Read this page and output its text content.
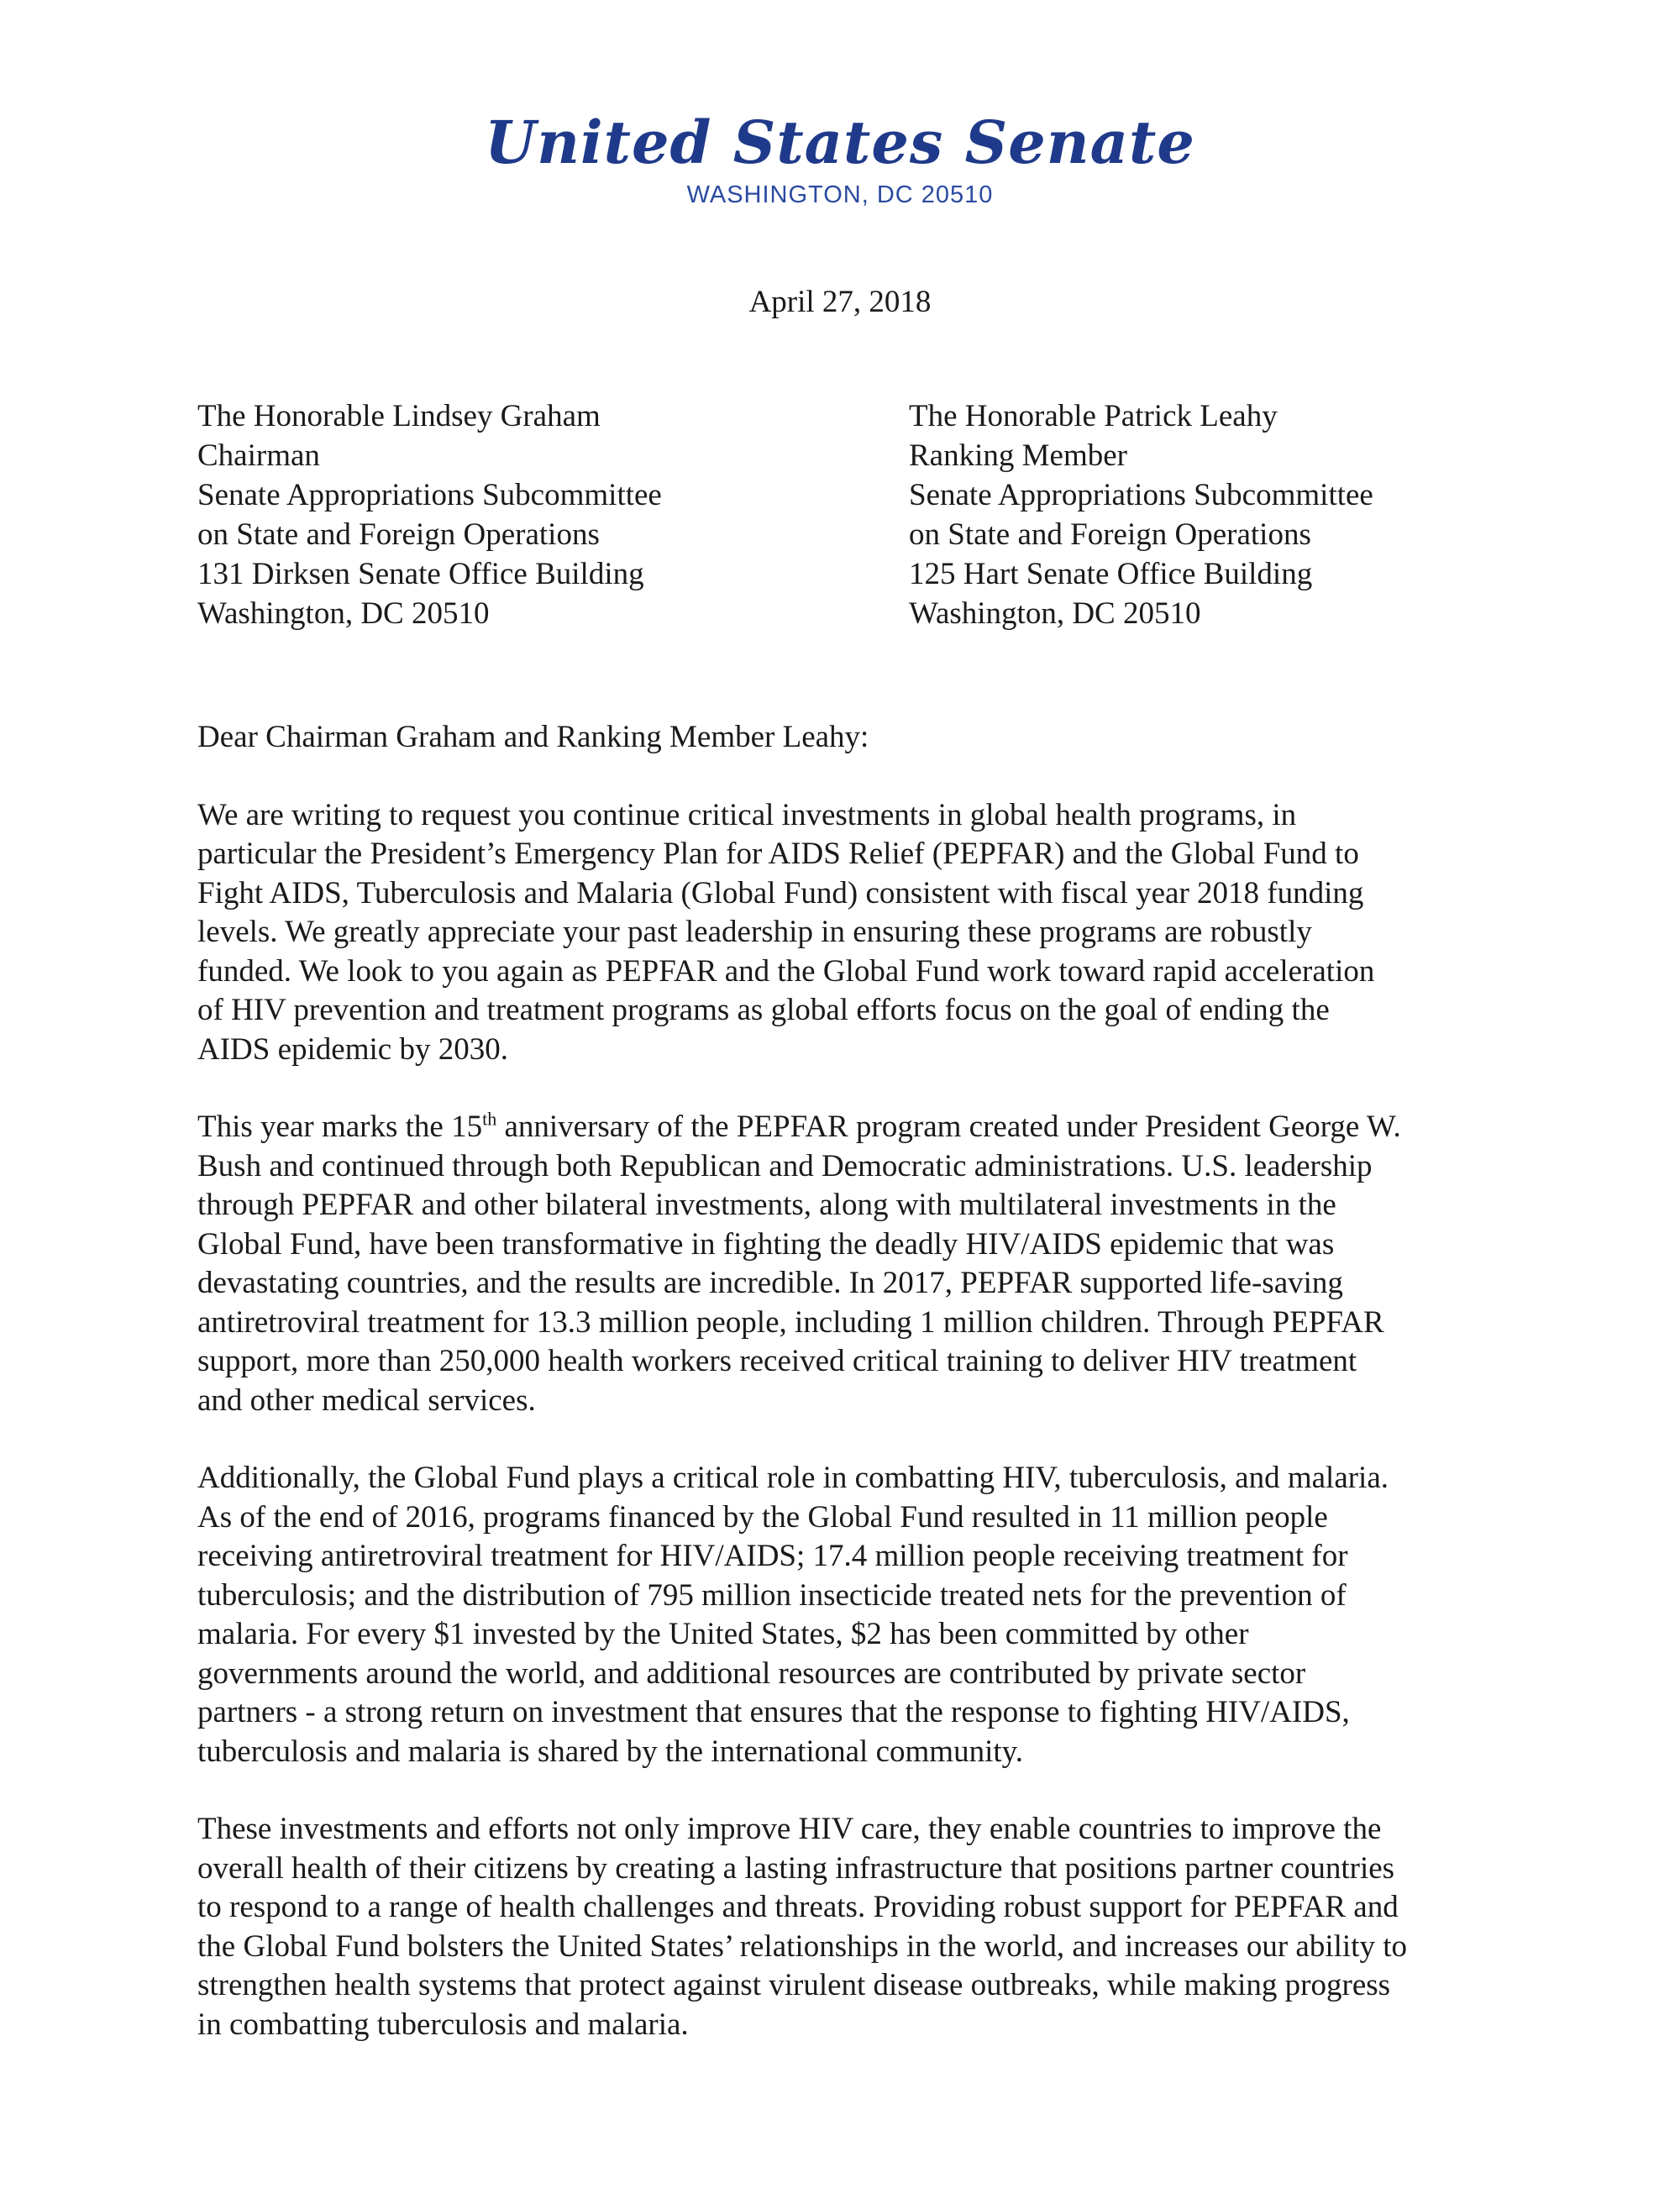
United States Senate
WASHINGTON, DC 20510
April 27, 2018
The Honorable Lindsey Graham
Chairman
Senate Appropriations Subcommittee
on State and Foreign Operations
131 Dirksen Senate Office Building
Washington, DC 20510
The Honorable Patrick Leahy
Ranking Member
Senate Appropriations Subcommittee
on State and Foreign Operations
125 Hart Senate Office Building
Washington, DC 20510
Dear Chairman Graham and Ranking Member Leahy:
We are writing to request you continue critical investments in global health programs, in
particular the President’s Emergency Plan for AIDS Relief (PEPFAR) and the Global Fund to
Fight AIDS, Tuberculosis and Malaria (Global Fund) consistent with fiscal year 2018 funding
levels. We greatly appreciate your past leadership in ensuring these programs are robustly
funded. We look to you again as PEPFAR and the Global Fund work toward rapid acceleration
of HIV prevention and treatment programs as global efforts focus on the goal of ending the
AIDS epidemic by 2030.
This year marks the 15th anniversary of the PEPFAR program created under President George W.
Bush and continued through both Republican and Democratic administrations. U.S. leadership
through PEPFAR and other bilateral investments, along with multilateral investments in the
Global Fund, have been transformative in fighting the deadly HIV/AIDS epidemic that was
devastating countries, and the results are incredible. In 2017, PEPFAR supported life-saving
antiretroviral treatment for 13.3 million people, including 1 million children. Through PEPFAR
support, more than 250,000 health workers received critical training to deliver HIV treatment
and other medical services.
Additionally, the Global Fund plays a critical role in combatting HIV, tuberculosis, and malaria.
As of the end of 2016, programs financed by the Global Fund resulted in 11 million people
receiving antiretroviral treatment for HIV/AIDS; 17.4 million people receiving treatment for
tuberculosis; and the distribution of 795 million insecticide treated nets for the prevention of
malaria. For every $1 invested by the United States, $2 has been committed by other
governments around the world, and additional resources are contributed by private sector
partners - a strong return on investment that ensures that the response to fighting HIV/AIDS,
tuberculosis and malaria is shared by the international community.
These investments and efforts not only improve HIV care, they enable countries to improve the
overall health of their citizens by creating a lasting infrastructure that positions partner countries
to respond to a range of health challenges and threats. Providing robust support for PEPFAR and
the Global Fund bolsters the United States’ relationships in the world, and increases our ability to
strengthen health systems that protect against virulent disease outbreaks, while making progress
in combatting tuberculosis and malaria.
